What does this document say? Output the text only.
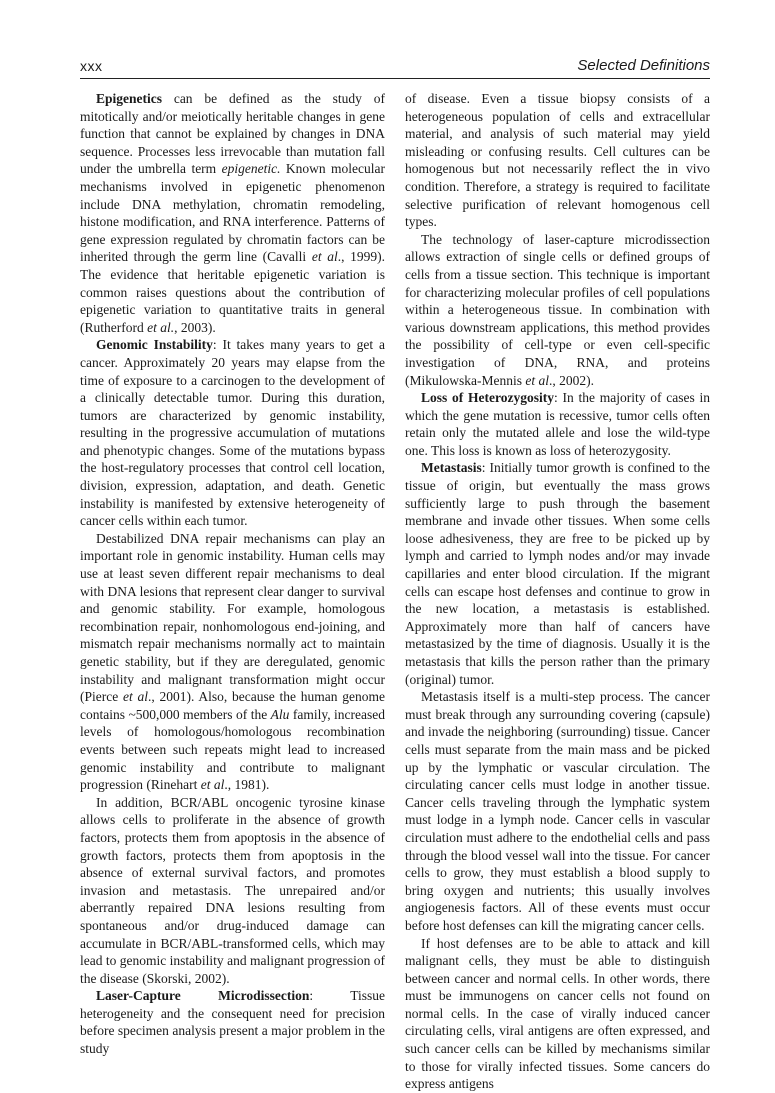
xxx	Selected Definitions

Epigenetics can be defined as the study of mitotically and/or meiotically heritable changes in gene function that cannot be explained by changes in DNA sequence. Processes less irrevocable than mutation fall under the umbrella term epigenetic. Known molecular mechanisms involved in epigenetic phenomenon include DNA methylation, chromatin remodeling, histone modification, and RNA interference. Patterns of gene expression regulated by chromatin factors can be inherited through the germ line (Cavalli et al., 1999). The evidence that heritable epigenetic variation is common raises questions about the contribution of epigenetic variation to quantitative traits in general (Rutherford et al., 2003).

Genomic Instability: It takes many years to get a cancer. Approximately 20 years may elapse from the time of exposure to a carcinogen to the development of a clinically detectable tumor. During this duration, tumors are characterized by genomic instability, resulting in the progressive accumulation of mutations and phenotypic changes. Some of the mutations bypass the host-regulatory processes that control cell location, division, expression, adaptation, and death. Genetic instability is manifested by extensive heterogeneity of cancer cells within each tumor.

Destabilized DNA repair mechanisms can play an important role in genomic instability. Human cells may use at least seven different repair mechanisms to deal with DNA lesions that represent clear danger to survival and genomic stability. For example, homologous recombination repair, nonhomologous end-joining, and mismatch repair mechanisms normally act to maintain genetic stability, but if they are deregulated, genomic instability and malignant transformation might occur (Pierce et al., 2001). Also, because the human genome contains ~500,000 members of the Alu family, increased levels of homologous/homologous recombination events between such repeats might lead to increased genomic instability and contribute to malignant progression (Rinehart et al., 1981).

In addition, BCR/ABL oncogenic tyrosine kinase allows cells to proliferate in the absence of growth factors, protects them from apoptosis in the absence of growth factors, protects them from apoptosis in the absence of external survival factors, and promotes invasion and metastasis. The unrepaired and/or aberrantly repaired DNA lesions resulting from spontaneous and/or drug-induced damage can accumulate in BCR/ABL-transformed cells, which may lead to genomic instability and malignant progression of the disease (Skorski, 2002).

Laser-Capture Microdissection: Tissue heterogeneity and the consequent need for precision before specimen analysis present a major problem in the study

of disease. Even a tissue biopsy consists of a heterogeneous population of cells and extracellular material, and analysis of such material may yield misleading or confusing results. Cell cultures can be homogenous but not necessarily reflect the in vivo condition. Therefore, a strategy is required to facilitate selective purification of relevant homogenous cell types.

The technology of laser-capture microdissection allows extraction of single cells or defined groups of cells from a tissue section. This technique is important for characterizing molecular profiles of cell populations within a heterogeneous tissue. In combination with various downstream applications, this method provides the possibility of cell-type or even cell-specific investigation of DNA, RNA, and proteins (Mikulowska-Mennis et al., 2002).

Loss of Heterozygosity: In the majority of cases in which the gene mutation is recessive, tumor cells often retain only the mutated allele and lose the wild-type one. This loss is known as loss of heterozygosity.

Metastasis: Initially tumor growth is confined to the tissue of origin, but eventually the mass grows sufficiently large to push through the basement membrane and invade other tissues. When some cells loose adhesiveness, they are free to be picked up by lymph and carried to lymph nodes and/or may invade capillaries and enter blood circulation. If the migrant cells can escape host defenses and continue to grow in the new location, a metastasis is established. Approximately more than half of cancers have metastasized by the time of diagnosis. Usually it is the metastasis that kills the person rather than the primary (original) tumor.

Metastasis itself is a multi-step process. The cancer must break through any surrounding covering (capsule) and invade the neighboring (surrounding) tissue. Cancer cells must separate from the main mass and be picked up by the lymphatic or vascular circulation. The circulating cancer cells must lodge in another tissue. Cancer cells traveling through the lymphatic system must lodge in a lymph node. Cancer cells in vascular circulation must adhere to the endothelial cells and pass through the blood vessel wall into the tissue. For cancer cells to grow, they must establish a blood supply to bring oxygen and nutrients; this usually involves angiogenesis factors. All of these events must occur before host defenses can kill the migrating cancer cells.

If host defenses are to be able to attack and kill malignant cells, they must be able to distinguish between cancer and normal cells. In other words, there must be immunogens on cancer cells not found on normal cells. In the case of virally induced cancer circulating cells, viral antigens are often expressed, and such cancer cells can be killed by mechanisms similar to those for virally infected tissues. Some cancers do express antigens
